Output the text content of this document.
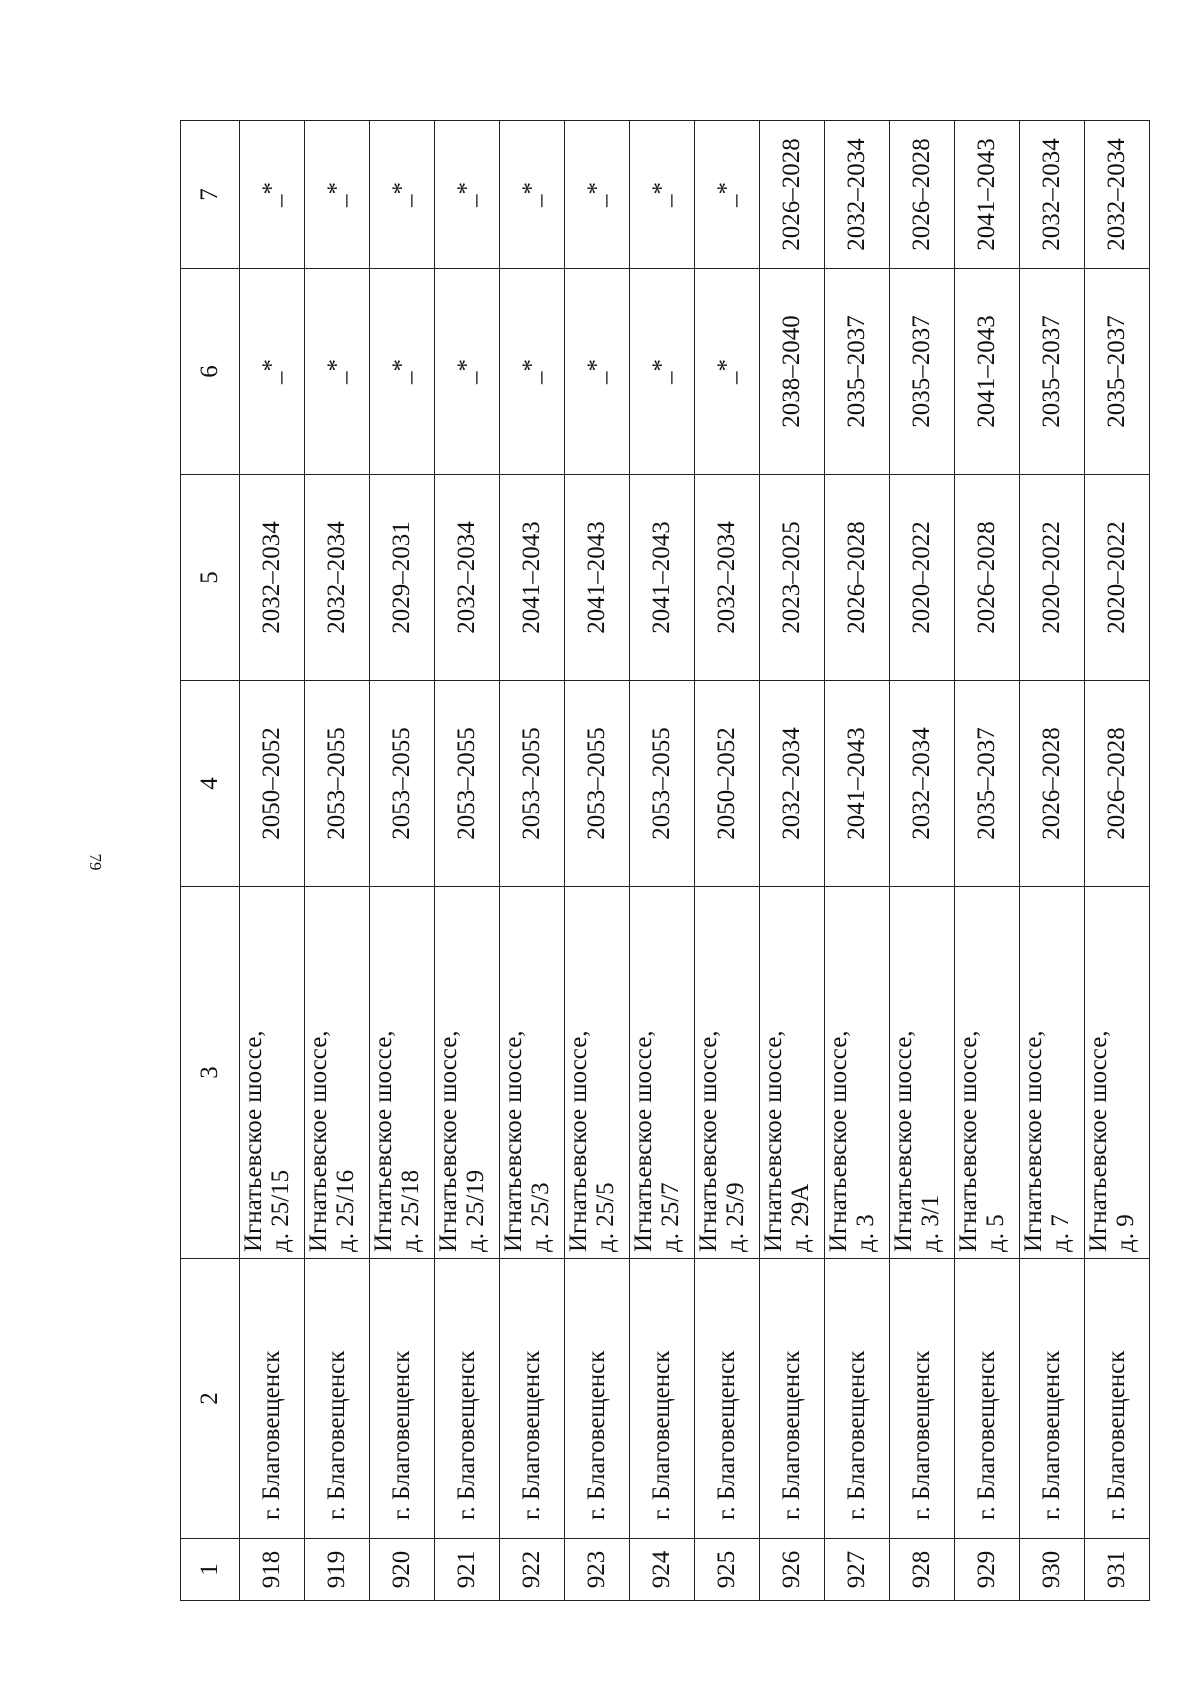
79
1	2	3	4	5	6	7
918	г. Благовещенск	Игнатьевское шоссе, д. 25/15	2050–2052	2032–2034	_*	_*
919	г. Благовещенск	Игнатьевское шоссе, д. 25/16	2053–2055	2032–2034	_*	_*
920	г. Благовещенск	Игнатьевское шоссе, д. 25/18	2053–2055	2029–2031	_*	_*
921	г. Благовещенск	Игнатьевское шоссе, д. 25/19	2053–2055	2032–2034	_*	_*
922	г. Благовещенск	Игнатьевское шоссе, д. 25/3	2053–2055	2041–2043	_*	_*
923	г. Благовещенск	Игнатьевское шоссе, д. 25/5	2053–2055	2041–2043	_*	_*
924	г. Благовещенск	Игнатьевское шоссе, д. 25/7	2053–2055	2041–2043	_*	_*
925	г. Благовещенск	Игнатьевское шоссе, д. 25/9	2050–2052	2032–2034	_*	_*
926	г. Благовещенск	Игнатьевское шоссе, д. 29А	2032–2034	2023–2025	2038–2040	2026–2028
927	г. Благовещенск	Игнатьевское шоссе, д. 3	2041–2043	2026–2028	2035–2037	2032–2034
928	г. Благовещенск	Игнатьевское шоссе, д. 3/1	2032–2034	2020–2022	2035–2037	2026–2028
929	г. Благовещенск	Игнатьевское шоссе, д. 5	2035–2037	2026–2028	2041–2043	2041–2043
930	г. Благовещенск	Игнатьевское шоссе, д. 7	2026–2028	2020–2022	2035–2037	2032–2034
931	г. Благовещенск	Игнатьевское шоссе, д. 9	2026–2028	2020–2022	2035–2037	2032–2034
